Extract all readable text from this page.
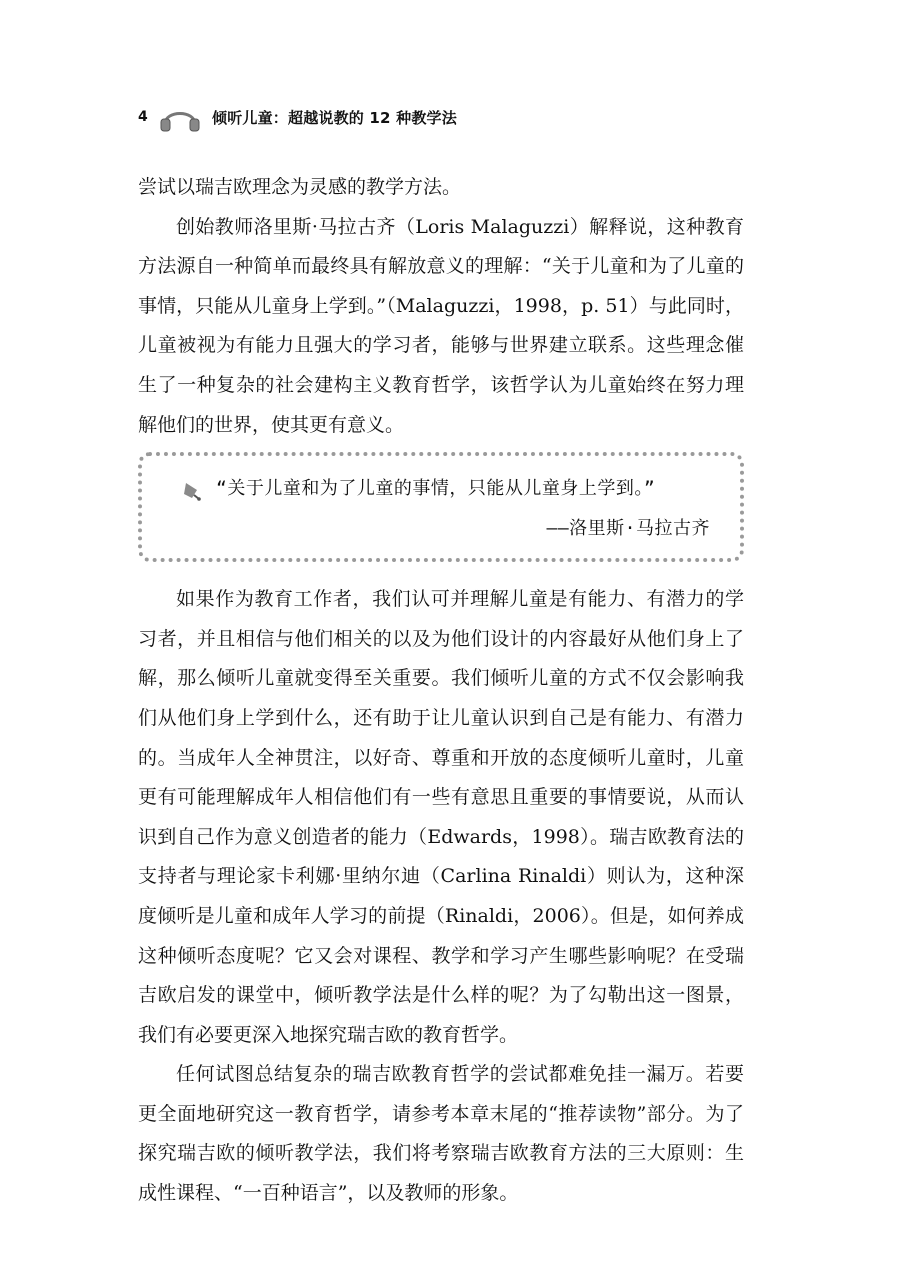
4	倾听儿童：超越说教的 12 种教学法

尝试以瑞吉欧理念为灵感的教学方法。

创始教师洛里斯·马拉古齐（Loris Malaguzzi）解释说，这种教育方法源自一种简单而最终具有解放意义的理解：“关于儿童和为了儿童的事情，只能从儿童身上学到。”（Malaguzzi，1998，p. 51）与此同时，儿童被视为有能力且强大的学习者，能够与世界建立联系。这些理念催生了一种复杂的社会建构主义教育哲学，该哲学认为儿童始终在努力理解他们的世界，使其更有意义。

“关于儿童和为了儿童的事情，只能从儿童身上学到。”
——洛里斯·马拉古齐

如果作为教育工作者，我们认可并理解儿童是有能力、有潜力的学习者，并且相信与他们相关的以及为他们设计的内容最好从他们身上了解，那么倾听儿童就变得至关重要。我们倾听儿童的方式不仅会影响我们从他们身上学到什么，还有助于让儿童认识到自己是有能力、有潜力的。当成年人全神贯注，以好奇、尊重和开放的态度倾听儿童时，儿童更有可能理解成年人相信他们有一些有意思且重要的事情要说，从而认识到自己作为意义创造者的能力（Edwards，1998）。瑞吉欧教育法的支持者与理论家卡利娜·里纳尔迪（Carlina Rinaldi）则认为，这种深度倾听是儿童和成年人学习的前提（Rinaldi，2006）。但是，如何养成这种倾听态度呢？它又会对课程、教学和学习产生哪些影响呢？在受瑞吉欧启发的课堂中，倾听教学法是什么样的呢？为了勾勒出这一图景，我们有必要更深入地探究瑞吉欧的教育哲学。

任何试图总结复杂的瑞吉欧教育哲学的尝试都难免挂一漏万。若要更全面地研究这一教育哲学，请参考本章末尾的“推荐读物”部分。为了探究瑞吉欧的倾听教学法，我们将考察瑞吉欧教育方法的三大原则：生成性课程、“一百种语言”，以及教师的形象。
